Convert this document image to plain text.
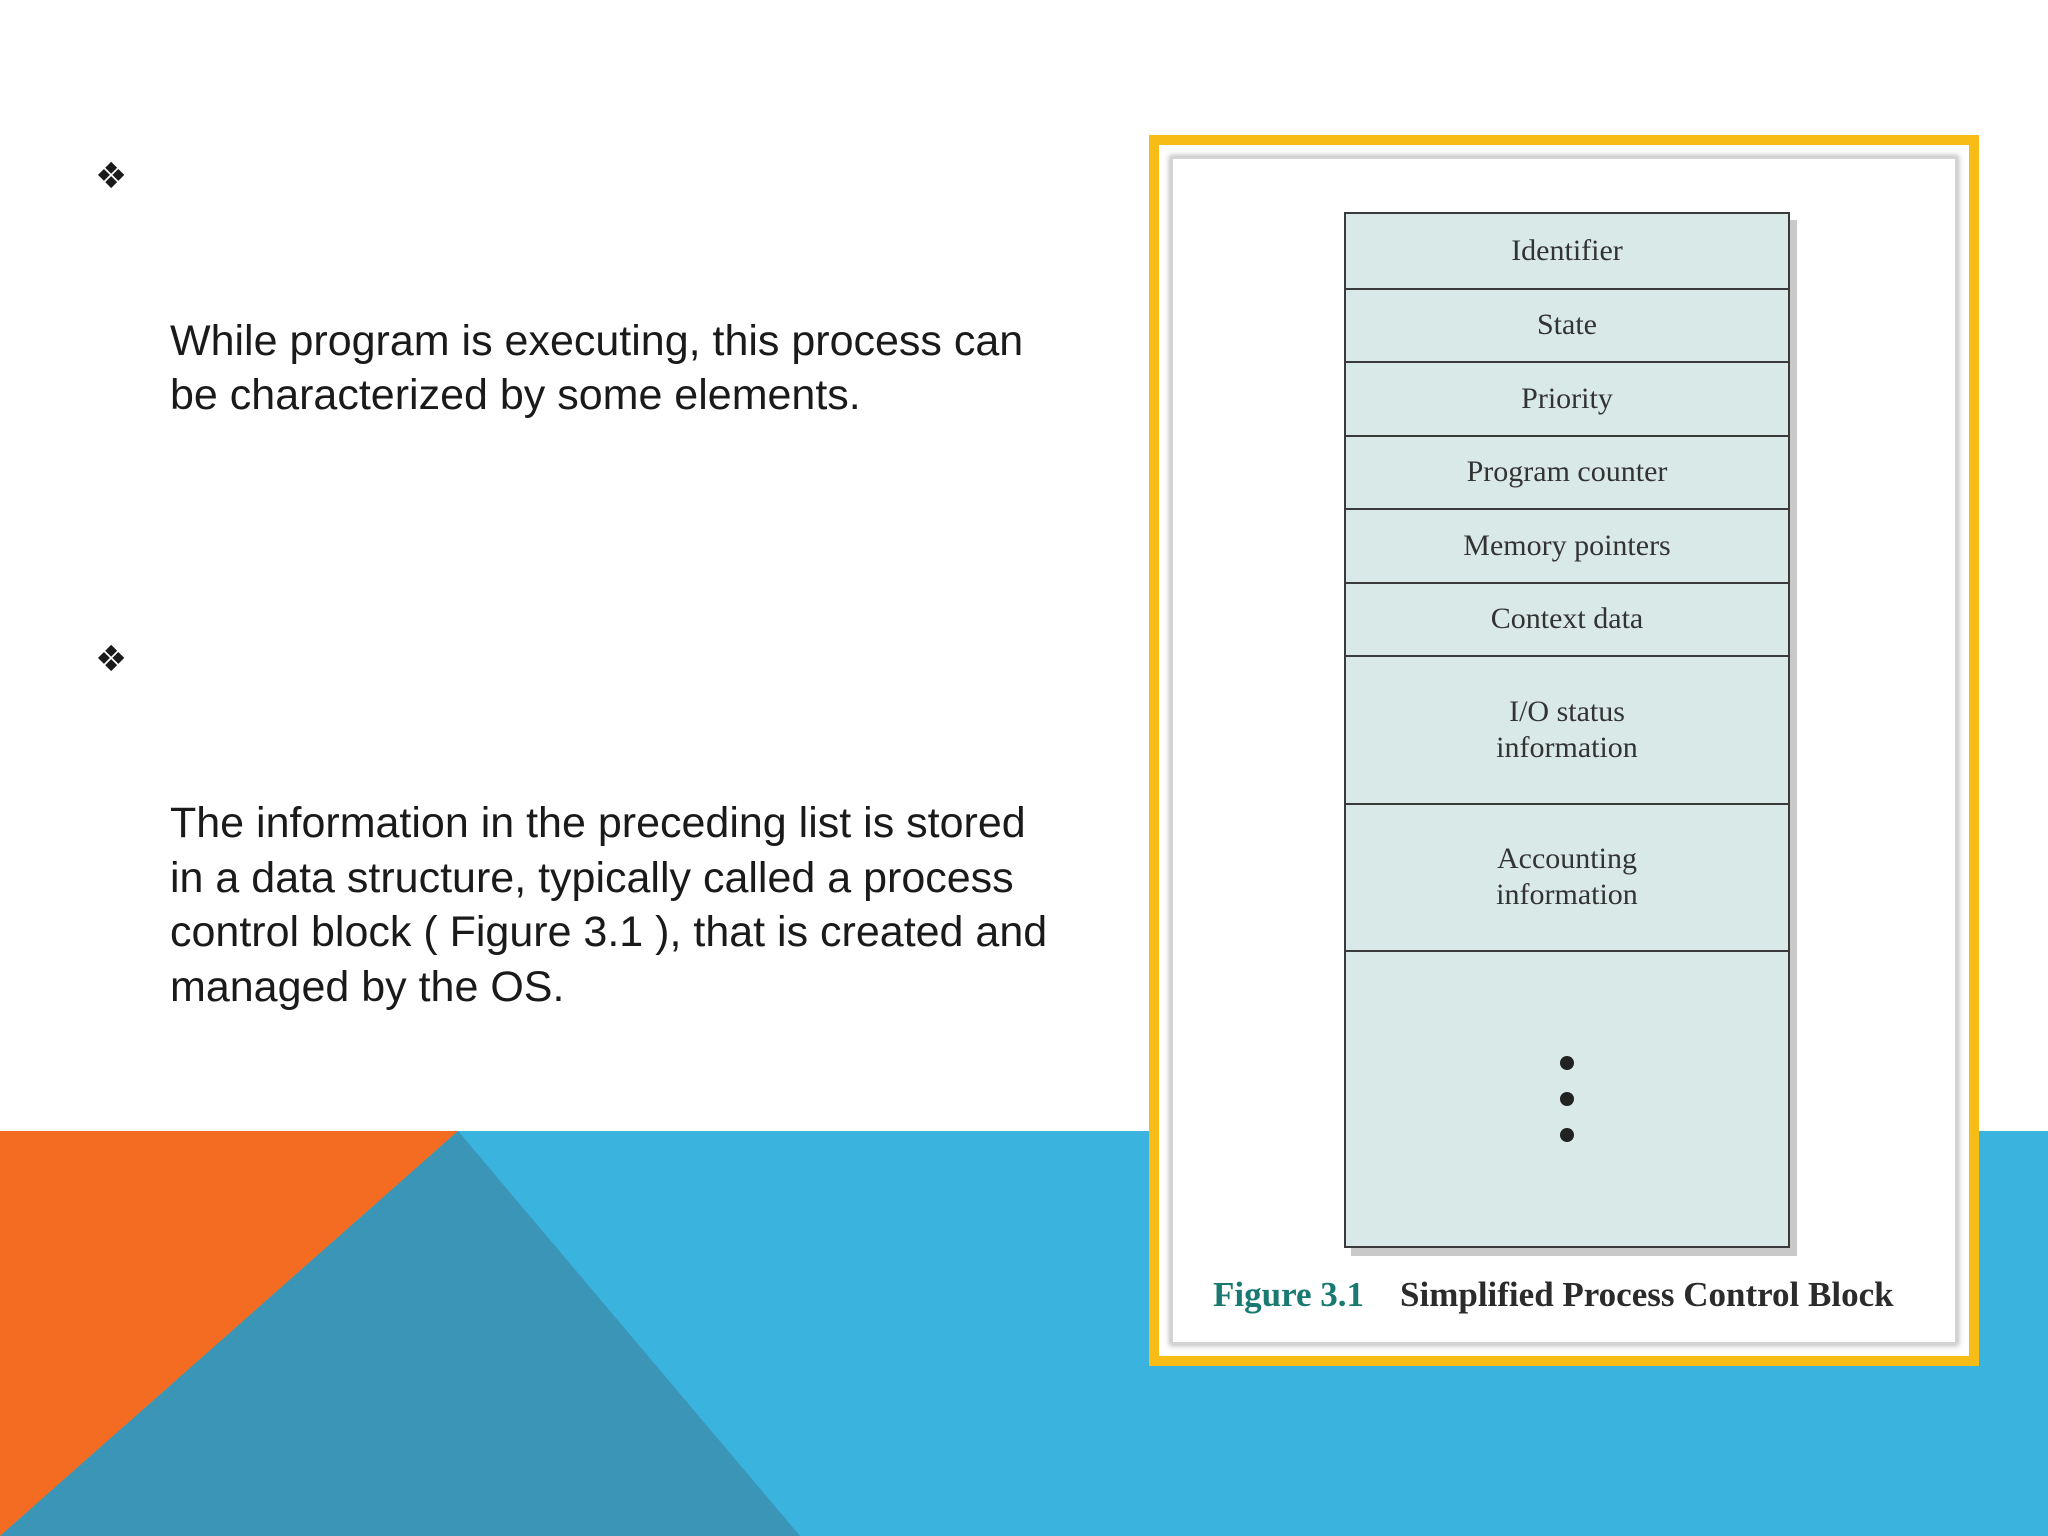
❖

While program is executing, this process can   be characterized by some elements.

❖

The information in the preceding list is stored in a data structure, typically called a process control block ( Figure 3.1 ), that is created and managed by the OS.

Identifier
State
Priority
Program counter
Memory pointers
Context data
I/O status
information
Accounting
information
Figure 3.1 Simplified Process Control Block
